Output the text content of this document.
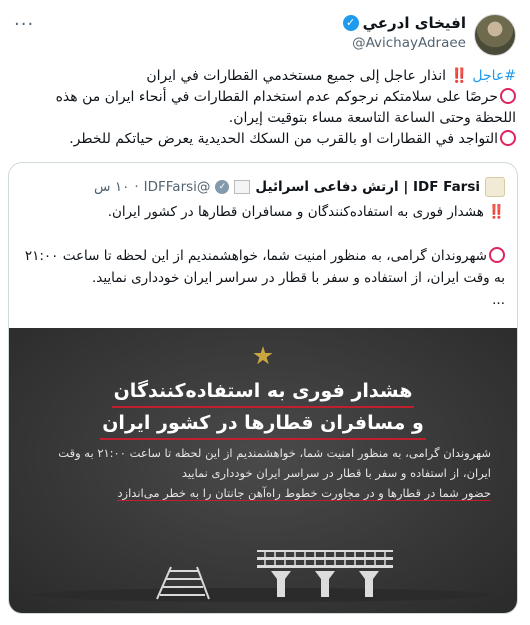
افیخای ادرعي
✓
@AvichayAdraee
···

#عاجل ‼️ انذار عاجل إلى جميع مستخدمي القطارات في ايران

حرصًا على سلامتكم نرجوكم عدم استخدام القطارات في أنحاء ايران من هذه اللحظة وحتى الساعة التاسعة مساء بتوقيت إيران.

التواجد في القطارات او بالقرب من السكك الحديدية يعرض حياتكم للخطر.

IDF Farsi | ارتش دفاعی اسرائیل
✓
@IDFFarsi
·
۱۰ س

‼️ هشدار فوری به استفاده‌کنندگان و مسافران قطارها در کشور ایران.

شهروندان گرامی، به منظور امنیت شما، خواهشمندیم از این لحظه تا ساعت ۲۱:۰۰ به وقت ایران، از استفاده و سفر با قطار در سراسر ایران خودداری نمایید.

...

هشدار فوری به استفاده‌کنندگان
و مسافران قطارها در کشور ایران

شهروندان گرامی، به منظور امنیت شما، خواهشمندیم از این لحظه تا ساعت ۲۱:۰۰ به وقت

ایران، از استفاده و سفر با قطار در سراسر ایران خودداری نمایید

حضور شما در قطارها و در مجاورت خطوط راه‌آهن جانتان را به خطر می‌اندازد
